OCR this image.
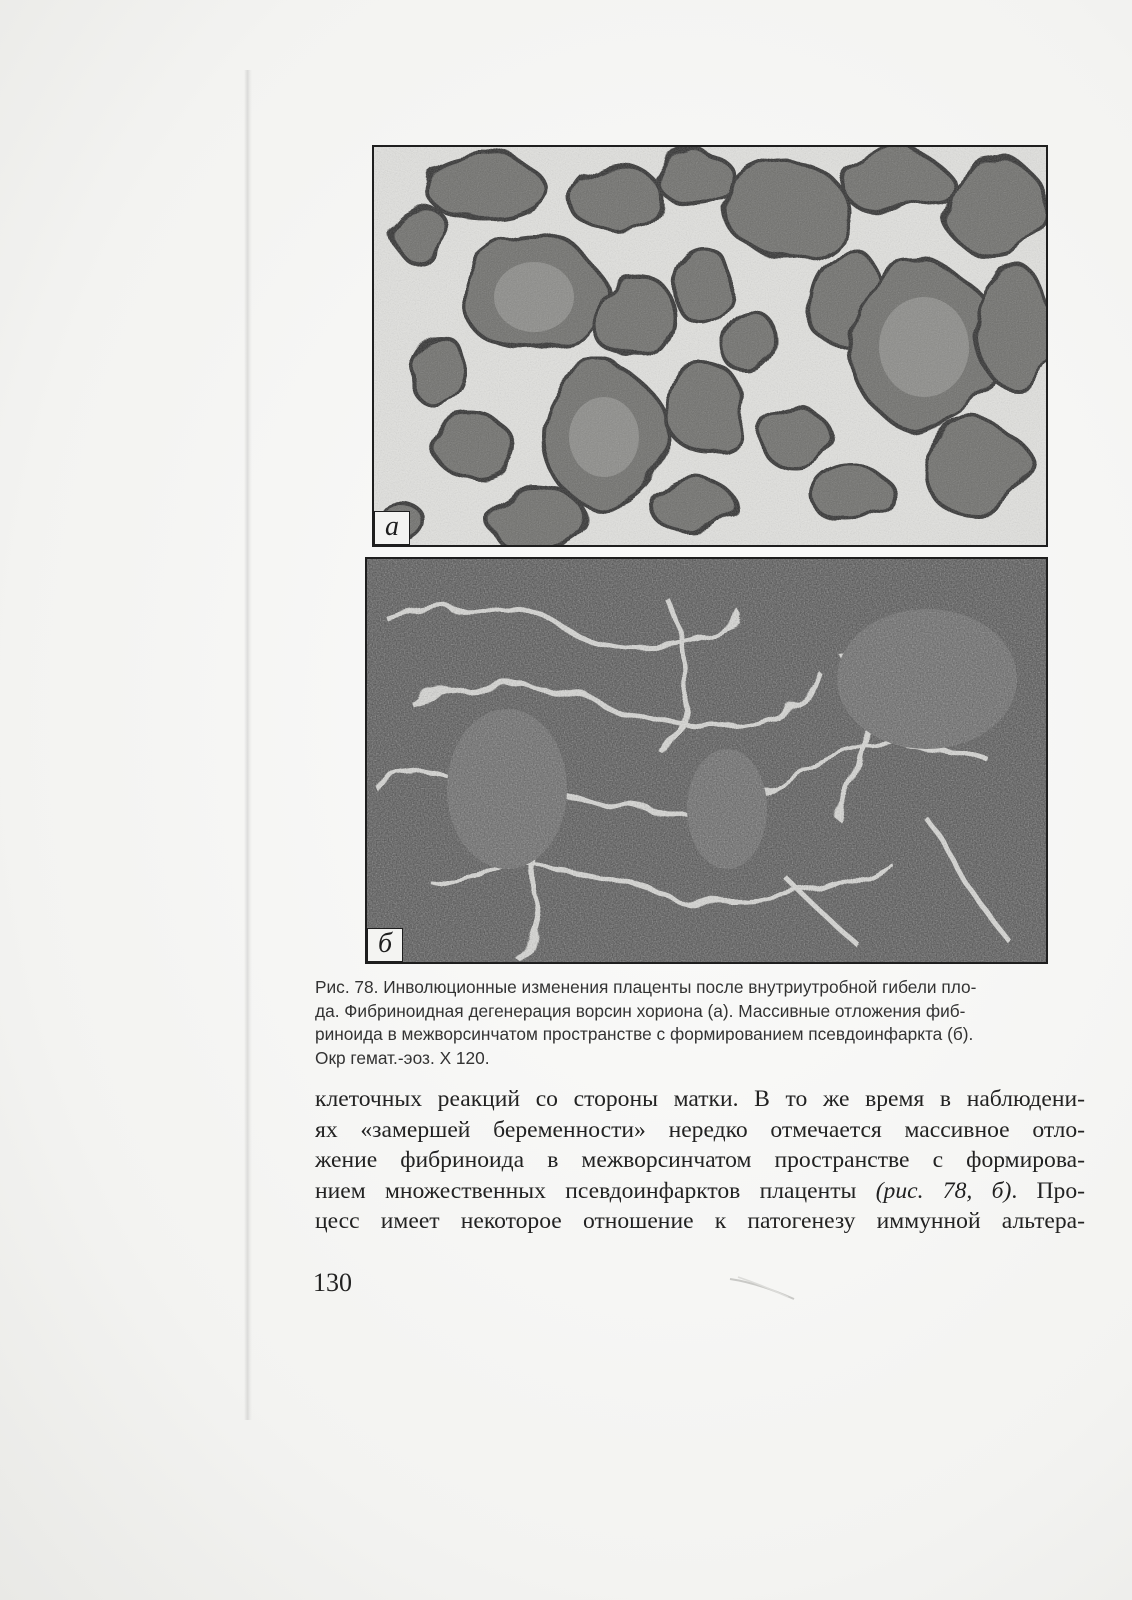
а
б

Рис. 78. Инволюционные изменения плаценты после внутриутробной гибели пло-
да. Фибриноидная дегенерация ворсин хориона (а). Массивные отложения фиб-
риноида в межворсинчатом пространстве с формированием псевдоинфаркта (б).
Окр гемат.-эоз. X 120.

клеточных реакций со стороны матки. В то же время в наблюдени-
ях «замершей беременности» нередко отмечается массивное отло-
жение фибриноида в межворсинчатом пространстве с формирова-
нием множественных псевдоинфарктов плаценты (рис. 78, б). Про-
цесс имеет некоторое отношение к патогенезу иммунной альтера-

130
